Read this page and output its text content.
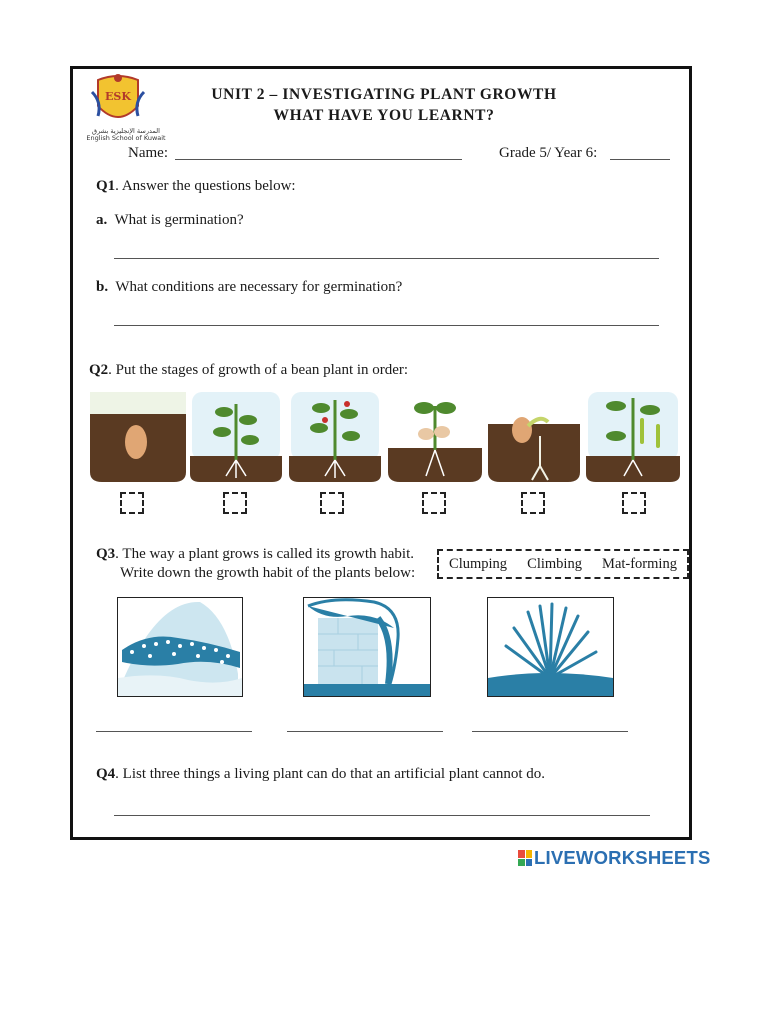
ESK
المدرسة الإنجليزية بشرق
English School of Kuwait
UNIT 2 – INVESTIGATING PLANT GROWTH
WHAT HAVE YOU LEARNT?
Name:	Grade 5/ Year 6:
Q1. Answer the questions below:
a. What is germination?
b. What conditions are necessary for germination?
Q2. Put the stages of growth of a bean plant in order:
Q3. The way a plant grows is called its growth habit.
Write down the growth habit of the plants below:
Clumping Climbing Mat-forming
Q4. List three things a living plant can do that an artificial plant cannot do.
LIVEWORKSHEETS
